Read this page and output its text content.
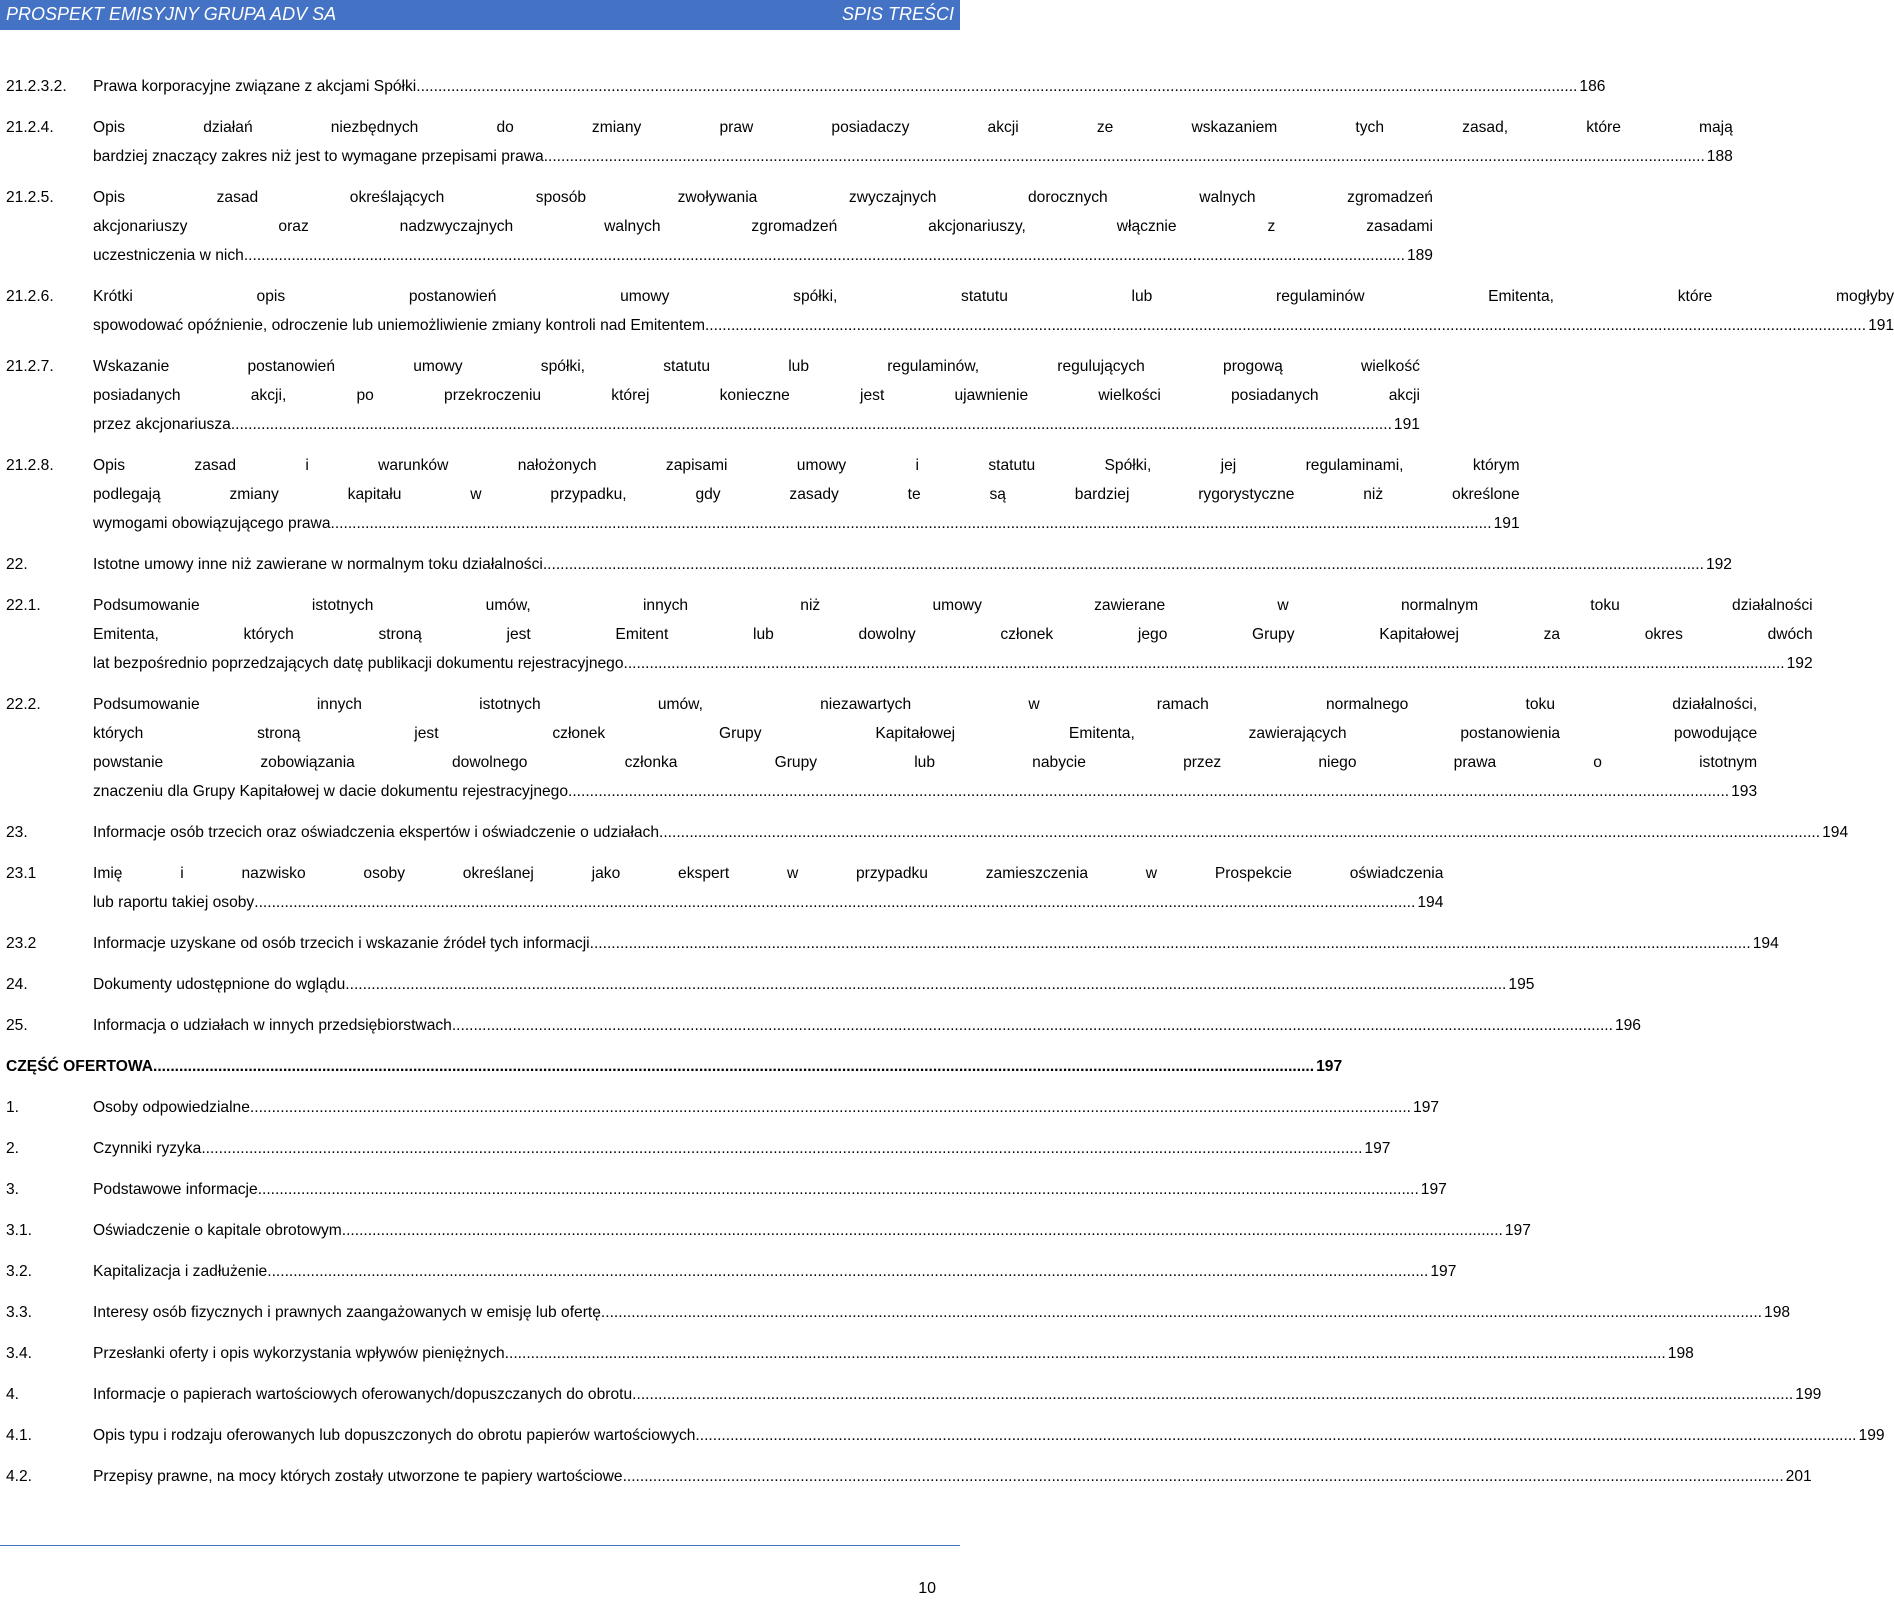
PROSPEKT EMISYJNY GRUPA ADV SA	SPIS TREŚCI
21.2.3.2.	Prawa korporacyjne związane z akcjami Spółki .....	186
21.2.4.	Opis działań niezbędnych do zmiany praw posiadaczy akcji ze wskazaniem tych zasad, które mają
bardziej znaczący zakres niż jest to wymagane przepisami prawa .....	188
21.2.5.	Opis zasad określających sposób zwoływania zwyczajnych dorocznych walnych zgromadzeń
akcjonariuszy oraz nadzwyczajnych walnych zgromadzeń akcjonariuszy, włącznie z zasadami
uczestniczenia w nich .....	189
21.2.6.	Krótki opis postanowień umowy spółki, statutu lub regulaminów Emitenta, które mogłyby
spowodować opóźnienie, odroczenie lub uniemożliwienie zmiany kontroli nad Emitentem .....	191
21.2.7.	Wskazanie postanowień umowy spółki, statutu lub regulaminów, regulujących progową wielkość
posiadanych akcji, po przekroczeniu której konieczne jest ujawnienie wielkości posiadanych akcji
przez akcjonariusza .....	191
21.2.8.	Opis zasad i warunków nałożonych zapisami umowy i statutu Spółki, jej regulaminami, którym
podlegają zmiany kapitału w przypadku, gdy zasady te są bardziej rygorystyczne niż określone
wymogami obowiązującego prawa .....	191
22.	Istotne umowy inne niż zawierane w normalnym toku działalności .....	192
22.1.	Podsumowanie istotnych umów, innych niż umowy zawierane w normalnym toku działalności
Emitenta, których stroną jest Emitent lub dowolny członek jego Grupy Kapitałowej za okres dwóch
lat bezpośrednio poprzedzających datę publikacji dokumentu rejestracyjnego .....	192
22.2.	Podsumowanie innych istotnych umów, niezawartych w ramach normalnego toku działalności,
których stroną jest członek Grupy Kapitałowej Emitenta, zawierających postanowienia powodujące
powstanie zobowiązania dowolnego członka Grupy lub nabycie przez niego prawa o istotnym
znaczeniu dla Grupy Kapitałowej w dacie dokumentu rejestracyjnego .....	193
23.	Informacje osób trzecich oraz oświadczenia ekspertów i oświadczenie o udziałach .....	194
23.1	Imię i nazwisko osoby określanej jako ekspert w przypadku zamieszczenia w Prospekcie oświadczenia
lub raportu takiej osoby .....	194
23.2	Informacje uzyskane od osób trzecich i wskazanie źródeł tych informacji .....	194
24.	Dokumenty udostępnione do wglądu .....	195
25.	Informacja o udziałach w innych przedsiębiorstwach .....	196
CZĘŚĆ OFERTOWA .....	197
1.	Osoby odpowiedzialne .....	197
2.	Czynniki ryzyka .....	197
3.	Podstawowe informacje .....	197
3.1.	Oświadczenie o kapitale obrotowym .....	197
3.2.	Kapitalizacja i zadłużenie .....	197
3.3.	Interesy osób fizycznych i prawnych zaangażowanych w emisję lub ofertę .....	198
3.4.	Przesłanki oferty i opis wykorzystania wpływów pieniężnych .....	198
4.	Informacje o papierach wartościowych oferowanych/dopuszczanych do obrotu .....	199
4.1.	Opis typu i rodzaju oferowanych lub dopuszczonych do obrotu papierów wartościowych .....	199
4.2.	Przepisy prawne, na mocy których zostały utworzone te papiery wartościowe .....	201
10
